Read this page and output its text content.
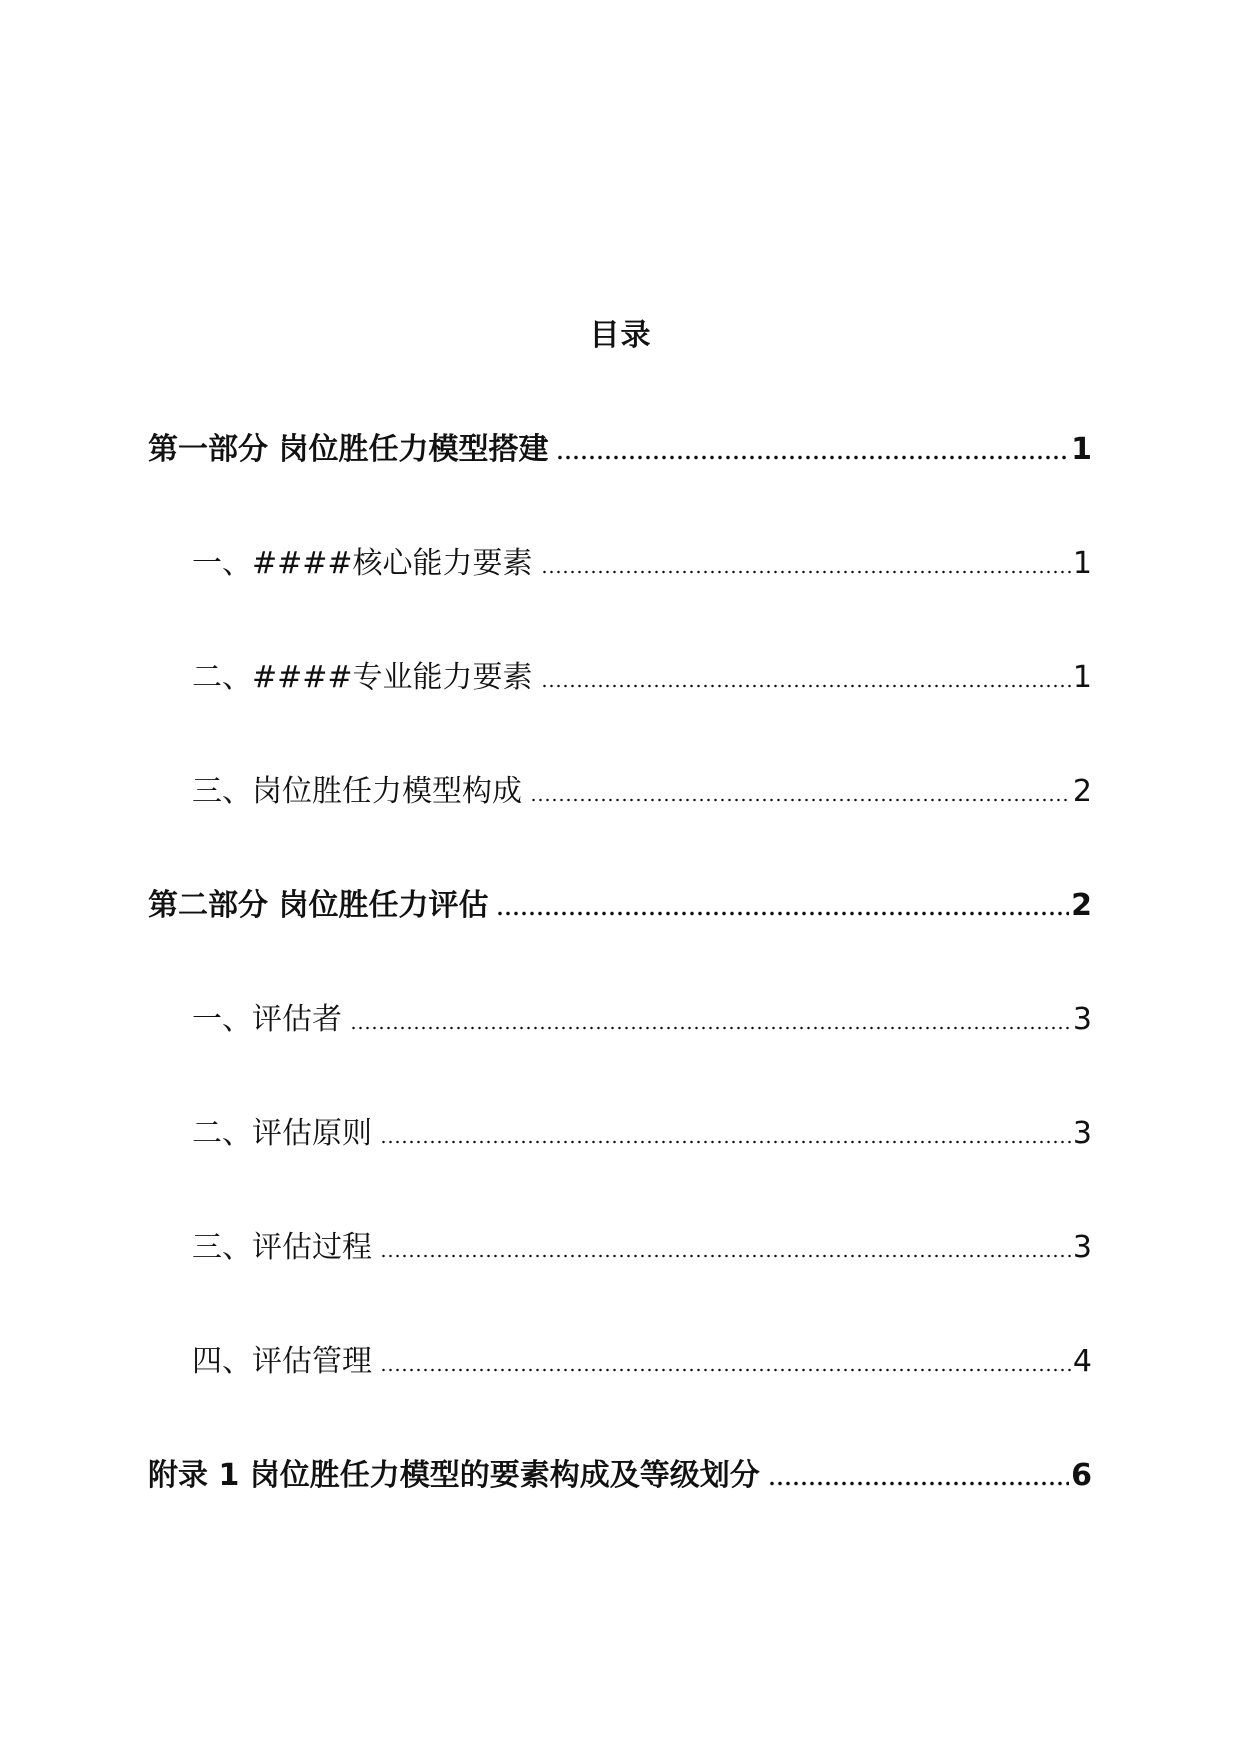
目录
第一部分 岗位胜任力模型搭建	1
一、####核心能力要素	1
二、####专业能力要素	1
三、岗位胜任力模型构成	2
第二部分 岗位胜任力评估	2
一、评估者	3
二、评估原则	3
三、评估过程	3
四、评估管理	4
附录 1 岗位胜任力模型的要素构成及等级划分	6
